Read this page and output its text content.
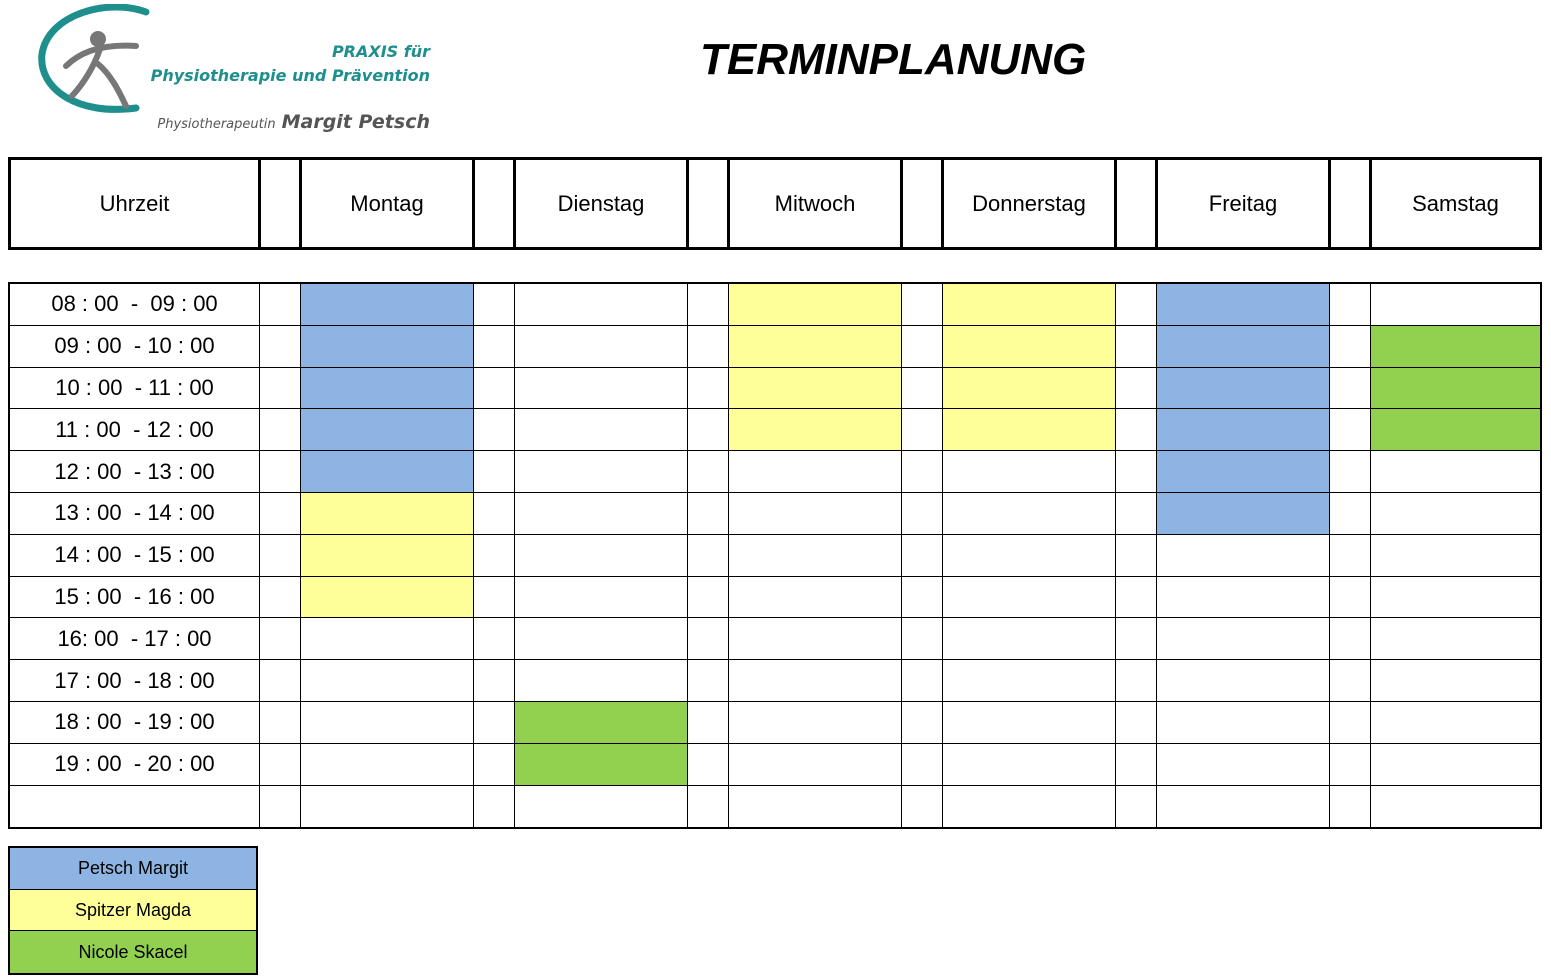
PRAXIS für
Physiotherapie und Prävention
Physiotherapeutin Margit Petsch
TERMINPLANUNG
Uhrzeit	Montag	Dienstag	Mitwoch	Donnerstag	Freitag	Samstag
08 : 00  -  09 : 00
09 : 00  - 10 : 00
10 : 00  - 11 : 00
11 : 00  - 12 : 00
12 : 00  - 13 : 00
13 : 00  - 14 : 00
14 : 00  - 15 : 00
15 : 00  - 16 : 00
16: 00  - 17 : 00
17 : 00  - 18 : 00
18 : 00  - 19 : 00
19 : 00  - 20 : 00
Petsch Margit
Spitzer Magda
Nicole Skacel
